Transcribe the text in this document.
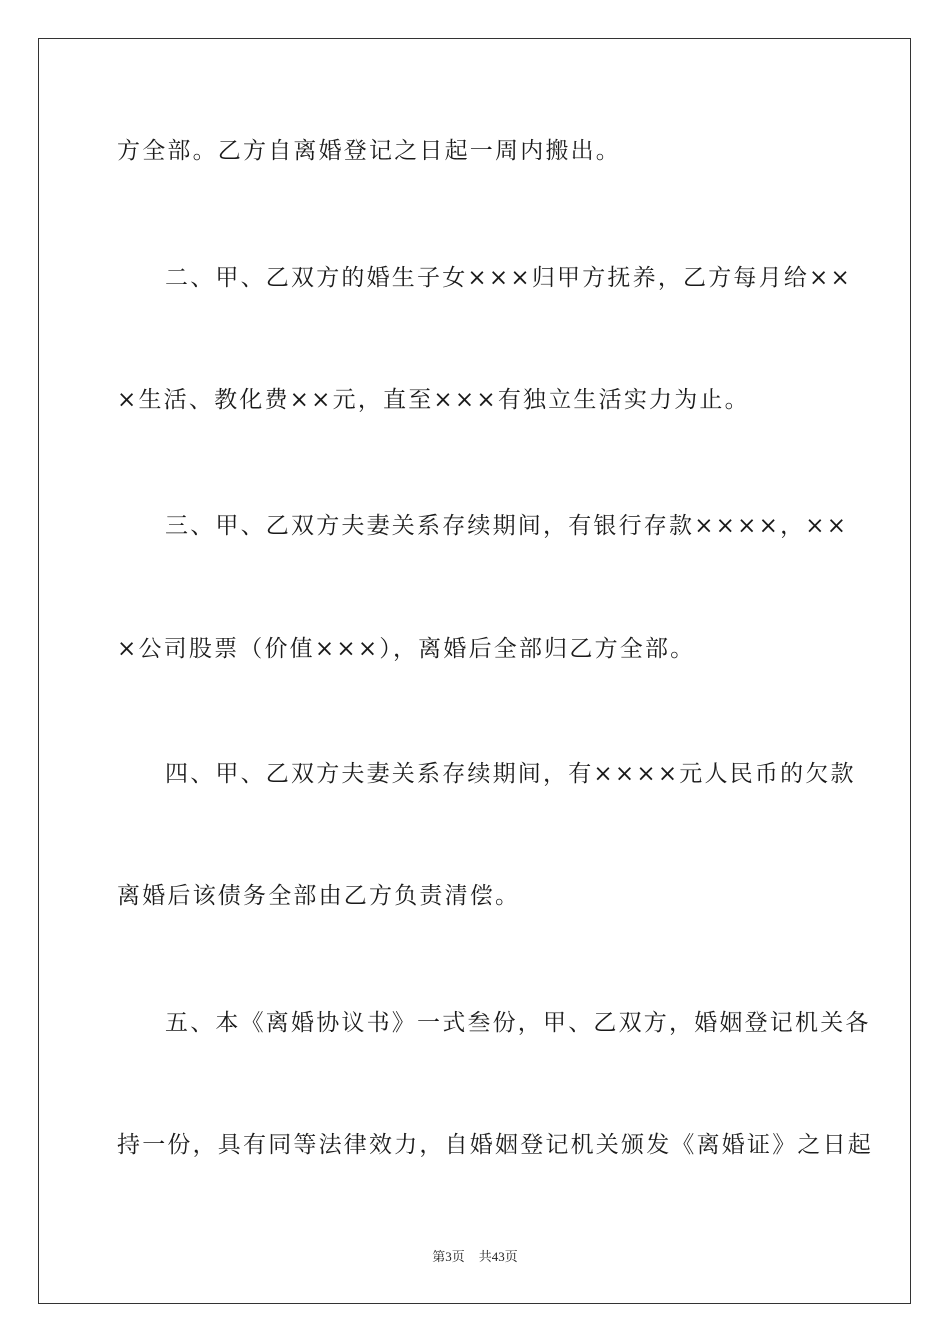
方全部。乙方自离婚登记之日起一周内搬出。
二、甲、乙双方的婚生子女×××归甲方抚养，乙方每月给××
×生活、教化费××元，直至×××有独立生活实力为止。
三、甲、乙双方夫妻关系存续期间，有银行存款××××，××
×公司股票（价值×××），离婚后全部归乙方全部。
四、甲、乙双方夫妻关系存续期间，有××××元人民币的欠款
离婚后该债务全部由乙方负责清偿。
五、本《离婚协议书》一式叁份，甲、乙双方，婚姻登记机关各
持一份，具有同等法律效力，自婚姻登记机关颁发《离婚证》之日起
第3页 共43页
